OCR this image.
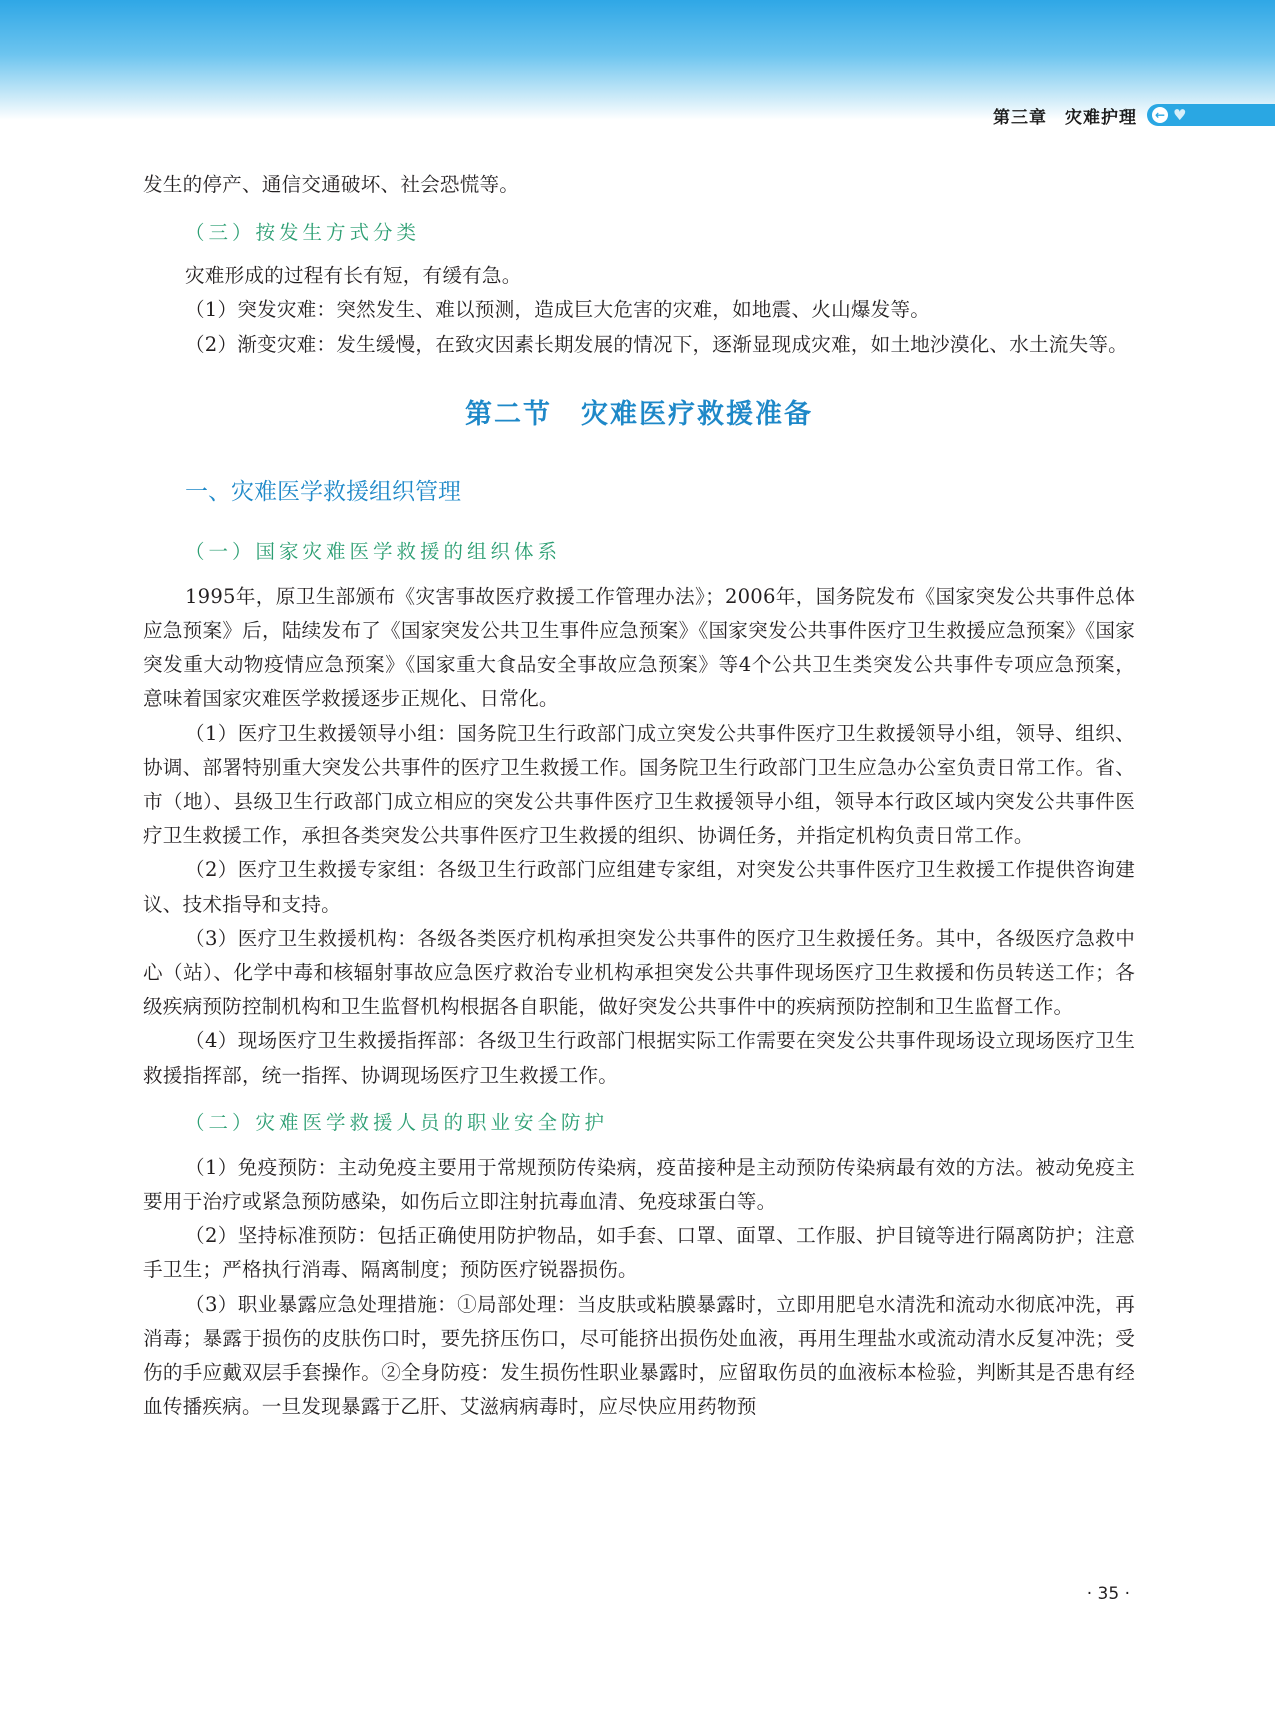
第三章　灾难护理 ← ♥

发生的停产、通信交通破坏、社会恐慌等。

（三）按发生方式分类

灾难形成的过程有长有短，有缓有急。

（1）突发灾难：突然发生、难以预测，造成巨大危害的灾难，如地震、火山爆发等。

（2）渐变灾难：发生缓慢，在致灾因素长期发展的情况下，逐渐显现成灾难，如土地沙漠化、水土流失等。

第二节　灾难医疗救援准备
一、灾难医学救援组织管理
（一）国家灾难医学救援的组织体系

1995年，原卫生部颁布《灾害事故医疗救援工作管理办法》；2006年，国务院发布《国家突发公共事件总体应急预案》后，陆续发布了《国家突发公共卫生事件应急预案》《国家突发公共事件医疗卫生救援应急预案》《国家突发重大动物疫情应急预案》《国家重大食品安全事故应急预案》等4个公共卫生类突发公共事件专项应急预案，意味着国家灾难医学救援逐步正规化、日常化。

（1）医疗卫生救援领导小组：国务院卫生行政部门成立突发公共事件医疗卫生救援领导小组，领导、组织、协调、部署特别重大突发公共事件的医疗卫生救援工作。国务院卫生行政部门卫生应急办公室负责日常工作。省、市（地）、县级卫生行政部门成立相应的突发公共事件医疗卫生救援领导小组，领导本行政区域内突发公共事件医疗卫生救援工作，承担各类突发公共事件医疗卫生救援的组织、协调任务，并指定机构负责日常工作。

（2）医疗卫生救援专家组：各级卫生行政部门应组建专家组，对突发公共事件医疗卫生救援工作提供咨询建议、技术指导和支持。

（3）医疗卫生救援机构：各级各类医疗机构承担突发公共事件的医疗卫生救援任务。其中，各级医疗急救中心（站）、化学中毒和核辐射事故应急医疗救治专业机构承担突发公共事件现场医疗卫生救援和伤员转送工作；各级疾病预防控制机构和卫生监督机构根据各自职能，做好突发公共事件中的疾病预防控制和卫生监督工作。

（4）现场医疗卫生救援指挥部：各级卫生行政部门根据实际工作需要在突发公共事件现场设立现场医疗卫生救援指挥部，统一指挥、协调现场医疗卫生救援工作。

（二）灾难医学救援人员的职业安全防护

（1）免疫预防：主动免疫主要用于常规预防传染病，疫苗接种是主动预防传染病最有效的方法。被动免疫主要用于治疗或紧急预防感染，如伤后立即注射抗毒血清、免疫球蛋白等。

（2）坚持标准预防：包括正确使用防护物品，如手套、口罩、面罩、工作服、护目镜等进行隔离防护；注意手卫生；严格执行消毒、隔离制度；预防医疗锐器损伤。

（3）职业暴露应急处理措施：①局部处理：当皮肤或粘膜暴露时，立即用肥皂水清洗和流动水彻底冲洗，再消毒；暴露于损伤的皮肤伤口时，要先挤压伤口，尽可能挤出损伤处血液，再用生理盐水或流动清水反复冲洗；受伤的手应戴双层手套操作。②全身防疫：发生损伤性职业暴露时，应留取伤员的血液标本检验，判断其是否患有经血传播疾病。一旦发现暴露于乙肝、艾滋病病毒时，应尽快应用药物预

· 35 ·
